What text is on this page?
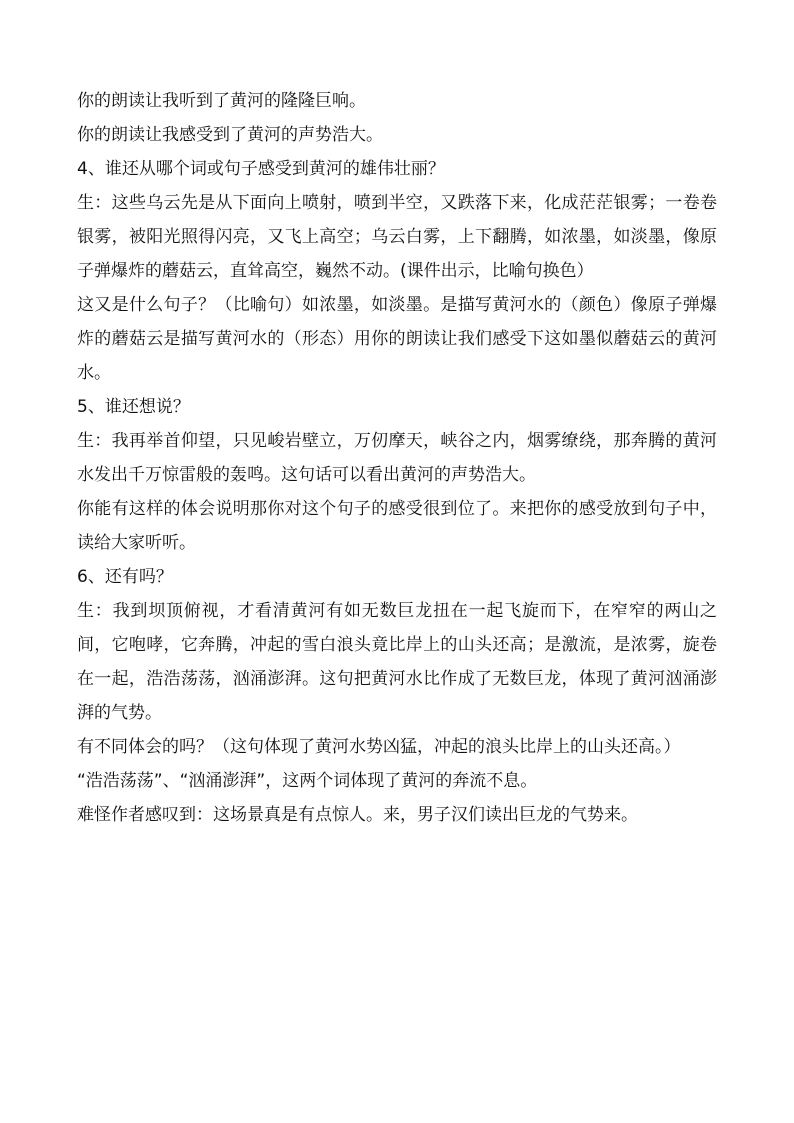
你的朗读让我听到了黄河的隆隆巨响。

你的朗读让我感受到了黄河的声势浩大。

4、谁还从哪个词或句子感受到黄河的雄伟壮丽？

生：这些乌云先是从下面向上喷射，喷到半空，又跌落下来，化成茫茫银雾；一卷卷银雾，被阳光照得闪亮，又飞上高空；乌云白雾，上下翻腾，如浓墨，如淡墨，像原子弹爆炸的蘑菇云，直耸高空，巍然不动。(课件出示，比喻句换色）

这又是什么句子？（比喻句）如浓墨，如淡墨。是描写黄河水的（颜色）像原子弹爆炸的蘑菇云是描写黄河水的（形态）用你的朗读让我们感受下这如墨似蘑菇云的黄河水。

5、谁还想说？

生：我再举首仰望，只见峻岩壁立，万仞摩天，峡谷之内，烟雾缭绕，那奔腾的黄河水发出千万惊雷般的轰鸣。这句话可以看出黄河的声势浩大。

你能有这样的体会说明那你对这个句子的感受很到位了。来把你的感受放到句子中，读给大家听听。

6、还有吗？

生：我到坝顶俯视，才看清黄河有如无数巨龙扭在一起飞旋而下，在窄窄的两山之间，它咆哮，它奔腾，冲起的雪白浪头竟比岸上的山头还高；是激流，是浓雾，旋卷在一起，浩浩荡荡，汹涌澎湃。这句把黄河水比作成了无数巨龙，体现了黄河汹涌澎湃的气势。

有不同体会的吗？（这句体现了黄河水势凶猛，冲起的浪头比岸上的山头还高。）

“浩浩荡荡”、“汹涌澎湃”，这两个词体现了黄河的奔流不息。

难怪作者感叹到：这场景真是有点惊人。来，男子汉们读出巨龙的气势来。
